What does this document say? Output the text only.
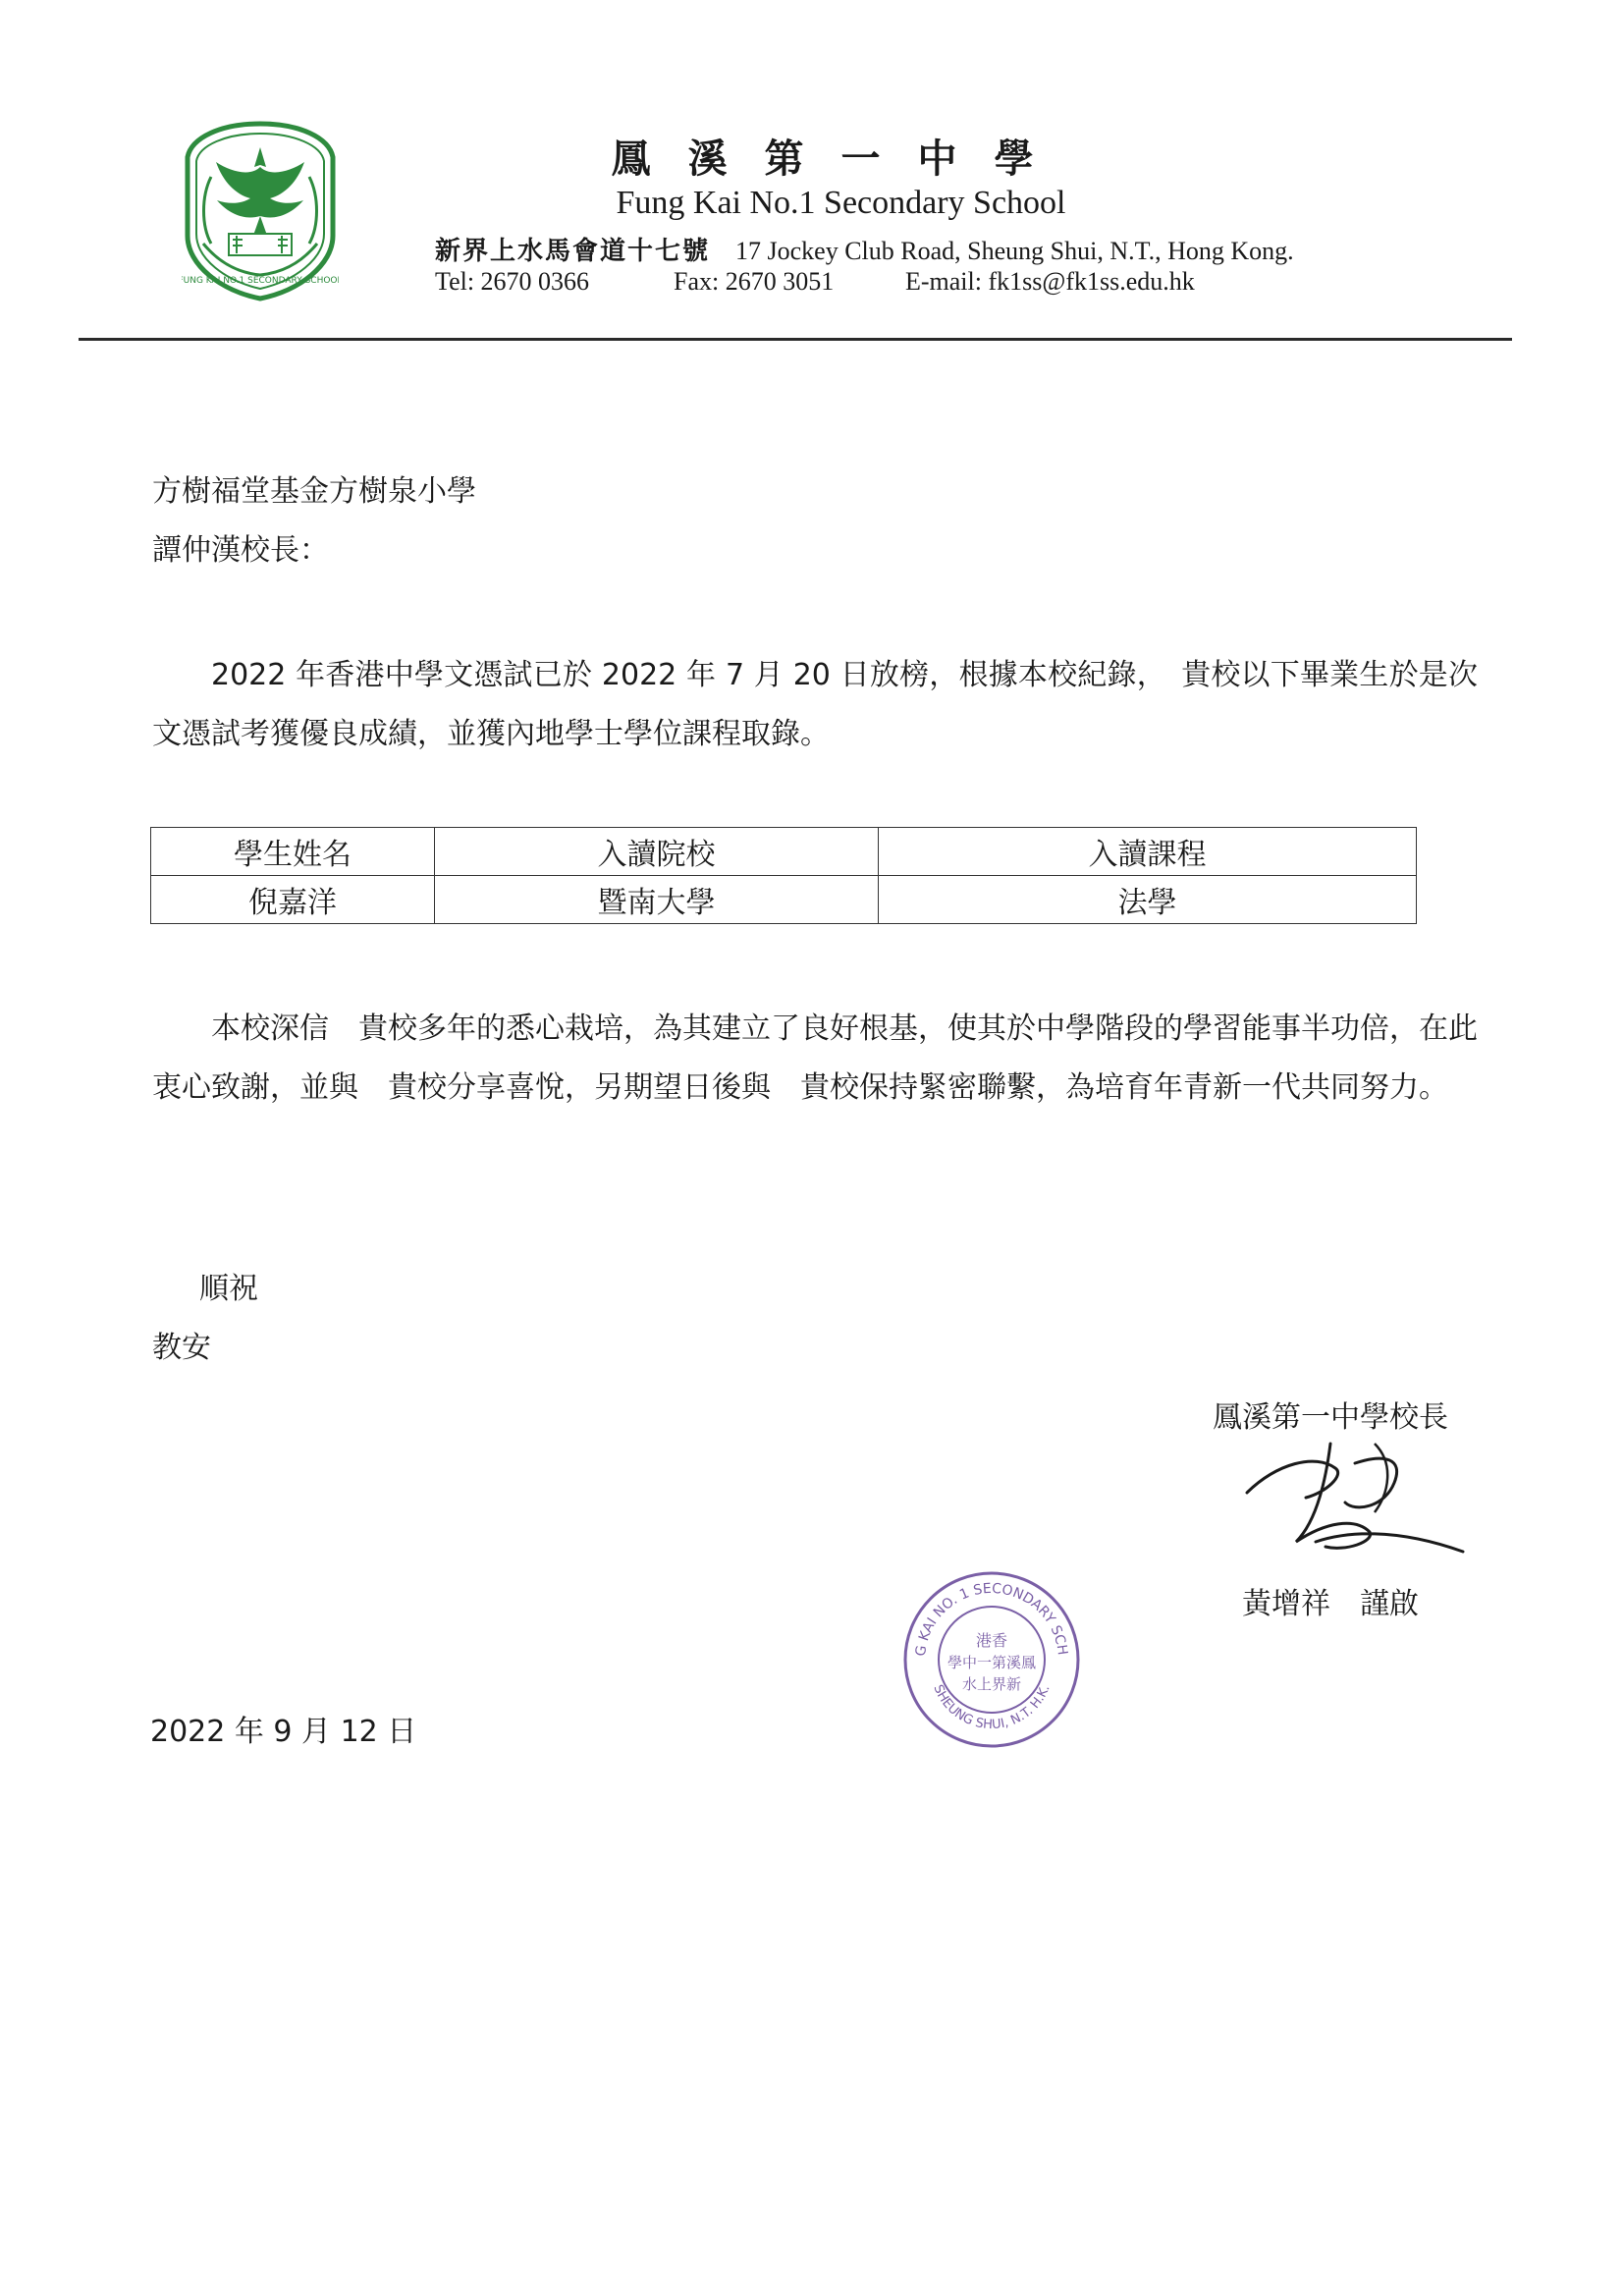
FUNG KAI NO.1 SECONDARY SCHOOL
鳳溪第一中學
Fung Kai No.1 Secondary School
新界上水馬會道十七號 17 Jockey Club Road, Sheung Shui, N.T., Hong Kong.
Tel: 2670 0366	Fax: 2670 3051	E-mail: fk1ss@fk1ss.edu.hk
方樹福堂基金方樹泉小學
譚仲漢校長：

2022 年香港中學文憑試已於 2022 年 7 月 20 日放榜，根據本校紀錄，　貴校以下畢業生於是次文憑試考獲優良成績，並獲內地學士學位課程取錄。

學生姓名	入讀院校	入讀課程
倪嘉洋	暨南大學	法學

本校深信　貴校多年的悉心栽培，為其建立了良好根基，使其於中學階段的學習能事半功倍，在此衷心致謝，並與　貴校分享喜悅，另期望日後與　貴校保持緊密聯繫，為培育年青新一代共同努力。

順祝
教安
鳳溪第一中學校長
黃增祥　謹啟
G KAI NO. 1 SECONDARY SCH
SHEUNG SHUI, N.T. H.K.
港香
學中一第溪鳳
水上界新
2022 年 9 月 12 日
